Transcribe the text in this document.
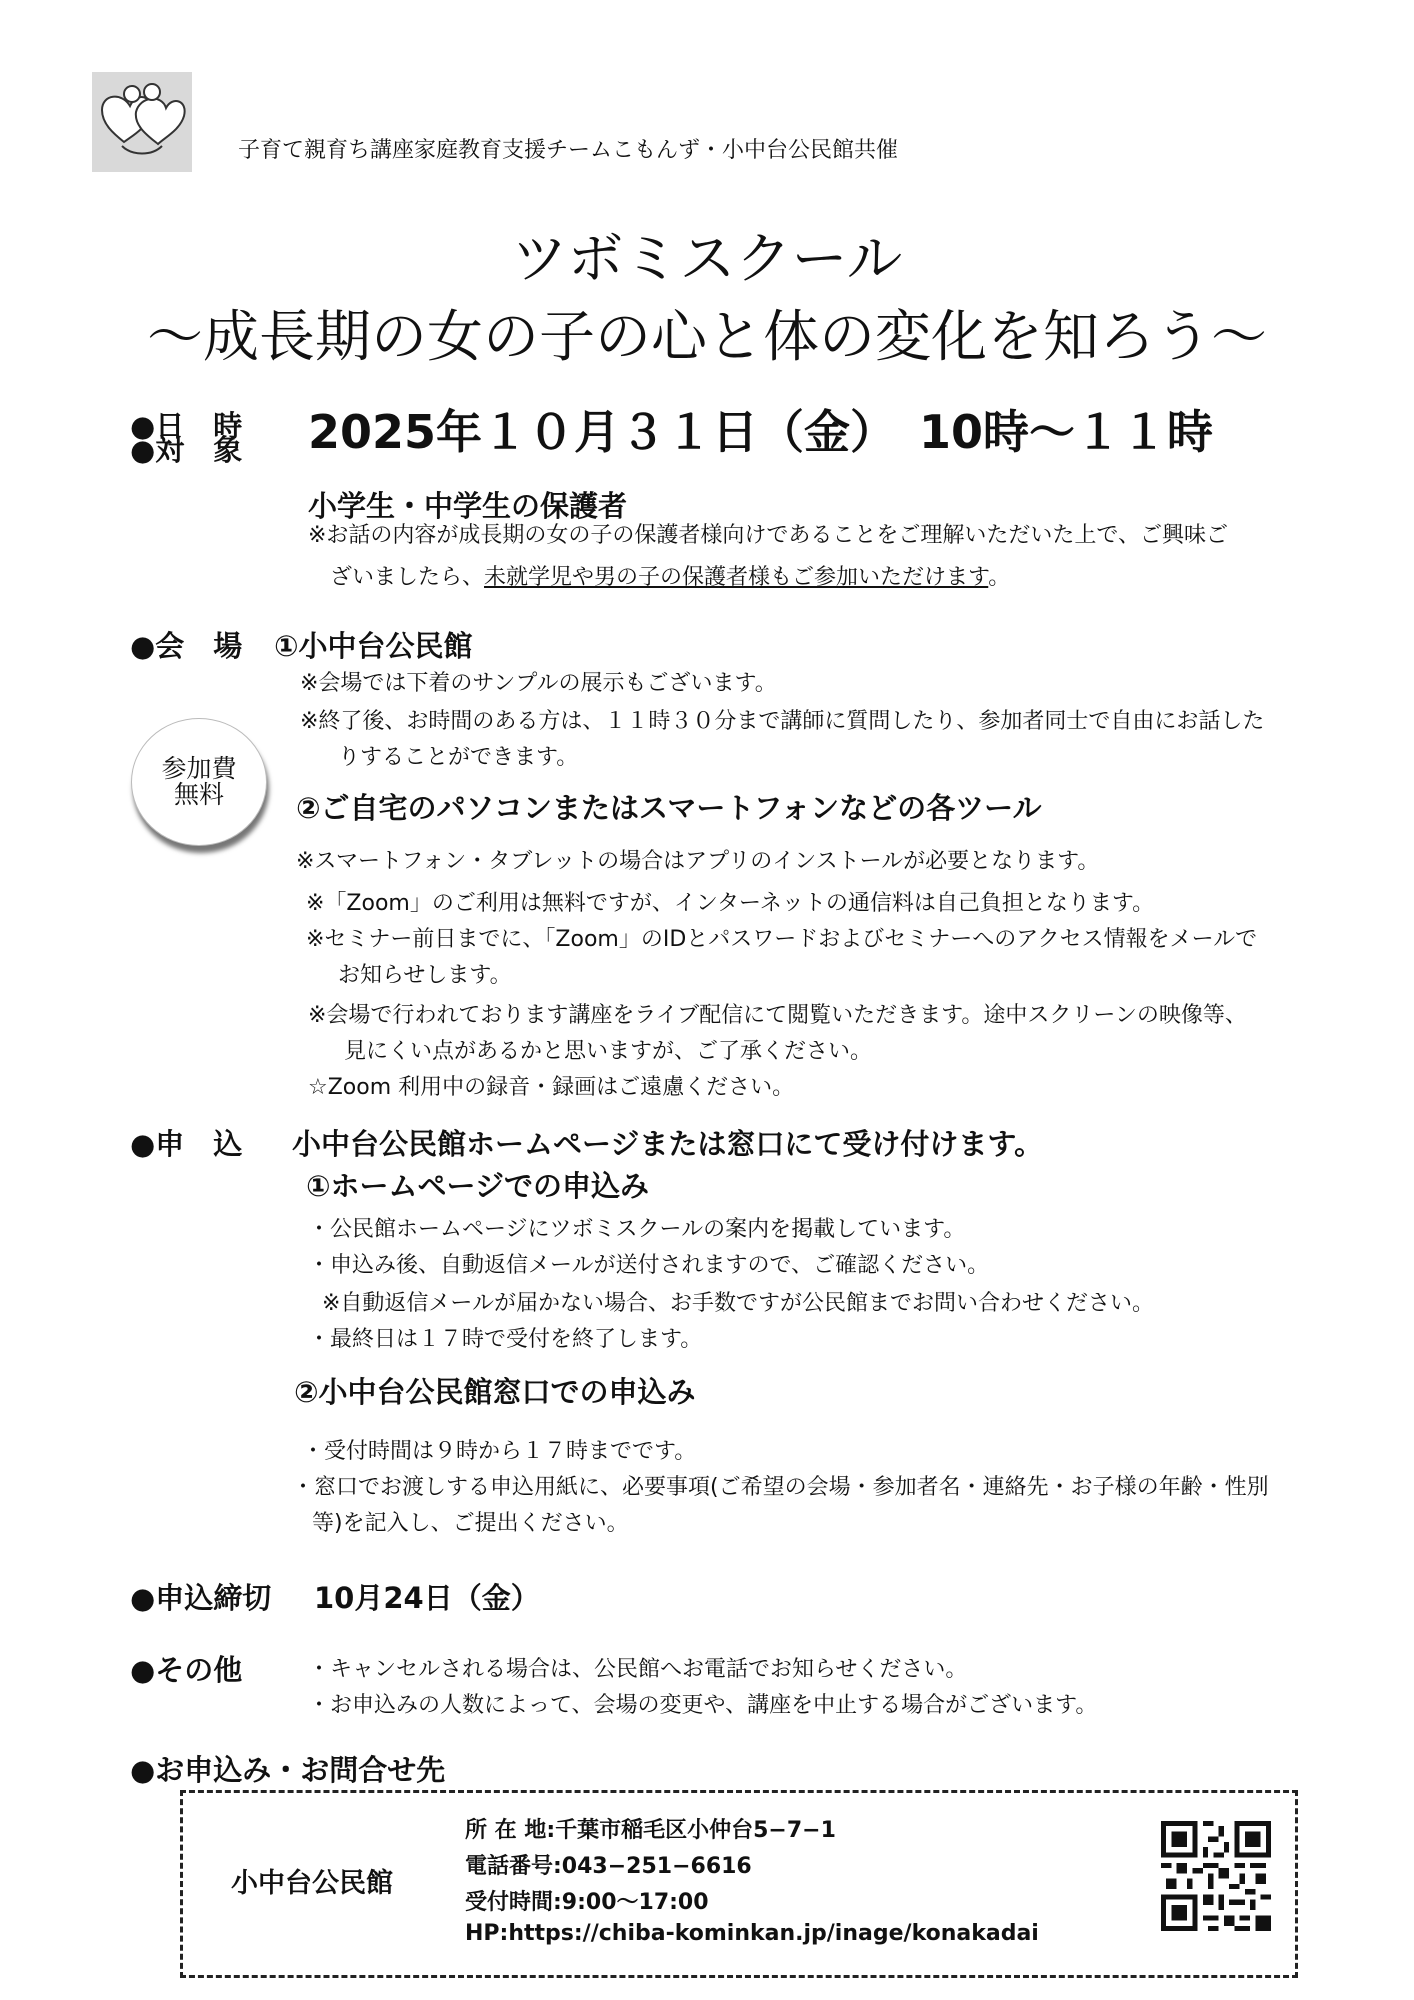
子育て親育ち講座家庭教育支援チームこもんず・小中台公民館共催
ツボミスクール
～成長期の女の子の心と体の変化を知ろう～
●日　時
●対　象 2025年１０月３１日（金）　10時～１１時
小学生・中学生の保護者
※お話の内容が成長期の女の子の保護者様向けであることをご理解いただいた上で、ご興味ご
ざいましたら、未就学児や男の子の保護者様もご参加いただけます。
●会　場 ①小中台公民館
※会場では下着のサンプルの展示もございます。
※終了後、お時間のある方は、１１時３０分まで講師に質問したり、参加者同士で自由にお話した
りすることができます。
参加費
無料	②ご自宅のパソコンまたはスマートフォンなどの各ツール
※スマートフォン・タブレットの場合はアプリのインストールが必要となります。
※「Zoom」のご利用は無料ですが、インターネットの通信料は自己負担となります。
※セミナー前日までに、「Zoom」のIDとパスワードおよびセミナーへのアクセス情報をメールで
お知らせします。
※会場で行われております講座をライブ配信にて閲覧いただきます。途中スクリーンの映像等、
見にくい点があるかと思いますが、ご了承ください。
☆Zoom 利用中の録音・録画はご遠慮ください。
●申　込 小中台公民館ホームページまたは窓口にて受け付けます。
①ホームページでの申込み
・公民館ホームページにツボミスクールの案内を掲載しています。
・申込み後、自動返信メールが送付されますので、ご確認ください。
※自動返信メールが届かない場合、お手数ですが公民館までお問い合わせください。
・最終日は１７時で受付を終了します。
②小中台公民館窓口での申込み
・受付時間は９時から１７時までです。
・窓口でお渡しする申込用紙に、必要事項(ご希望の会場・参加者名・連絡先・お子様の年齢・性別
等)を記入し、ご提出ください。
●申込締切 10月24日（金）
●その他	・キャンセルされる場合は、公民館へお電話でお知らせください。
・お申込みの人数によって、会場の変更や、講座を中止する場合がございます。
●お申込み・お問合せ先
小中台公民館
所 在 地:千葉市稲毛区小仲台5−7−1
電話番号:043−251−6616
受付時間:9:00〜17:00
HP:https://chiba-kominkan.jp/inage/konakadai
